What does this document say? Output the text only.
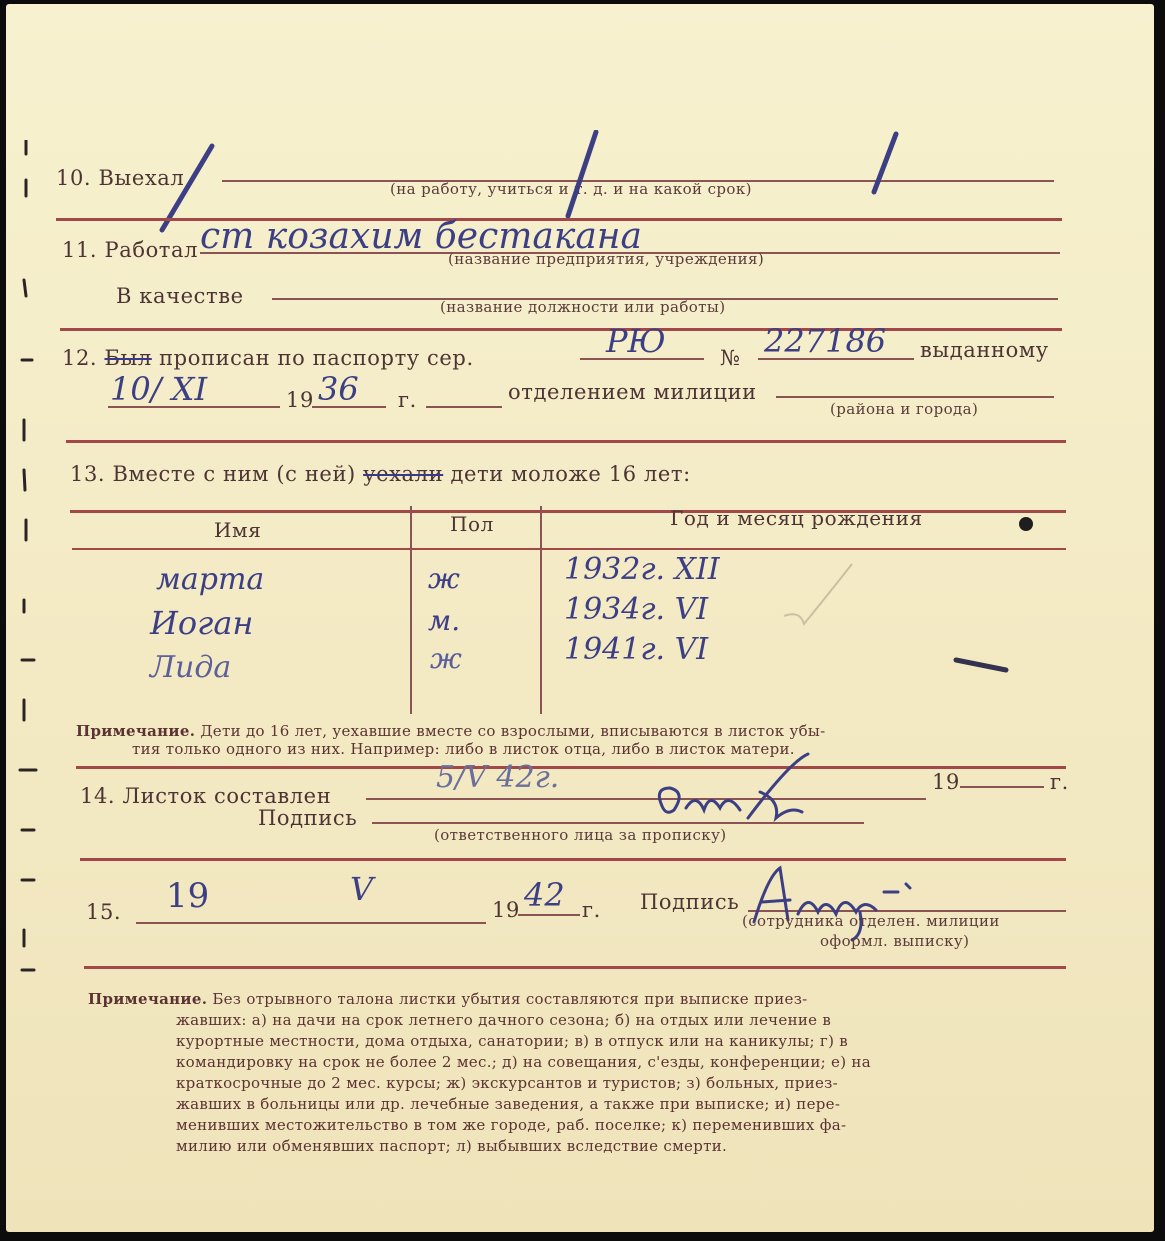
10. Выехал	(на работу, учиться и т. д. и на какой срок)
11. Работал ст козахим бестакана
(название предприятия, учреждения)
В качестве	(название должности или работы)
12. Был прописан по паспорту сер.	РЮ	№ 227186 выданному
10/ XI	19 36 г.	отделением милиции
(района и города)
13. Вместе с ним (с ней) уехали дети моложе 16 лет:
Имя	Пол	Год и месяц рождения
марта	ж	1932г. XII
Иоган	м.	1934г. VI
Лида	ж	1941г. VI
Примечание. Дети до 16 лет, уехавшие вместе со взрослыми, вписываются в листок убы-
тия только одного из них. Например: либо в листок отца, либо в листок матери.
14. Листок составлен
5/V 42г.	19	г.
Подпись
(ответственного лица за прописку)
15. 19	V
19 42 г. Подпись
(сотрудника отделен. милиции
оформл. выписку)
Примечание. Без отрывного талона листки убытия составляются при выписке приез-
жавших: а) на дачи на срок летнего дачного сезона; б) на отдых или лечение в
курортные местности, дома отдыха, санатории; в) в отпуск или на каникулы; г) в
командировку на срок не более 2 мес.; д) на совещания, с'езды, конференции; е) на
краткосрочные до 2 мес. курсы; ж) экскурсантов и туристов; з) больных, приез-
жавших в больницы или др. лечебные заведения, а также при выписке; и) пере-
менивших местожительство в том же городе, раб. поселке; к) переменивших фа-
милию или обменявших паспорт; л) выбывших вследствие смерти.
